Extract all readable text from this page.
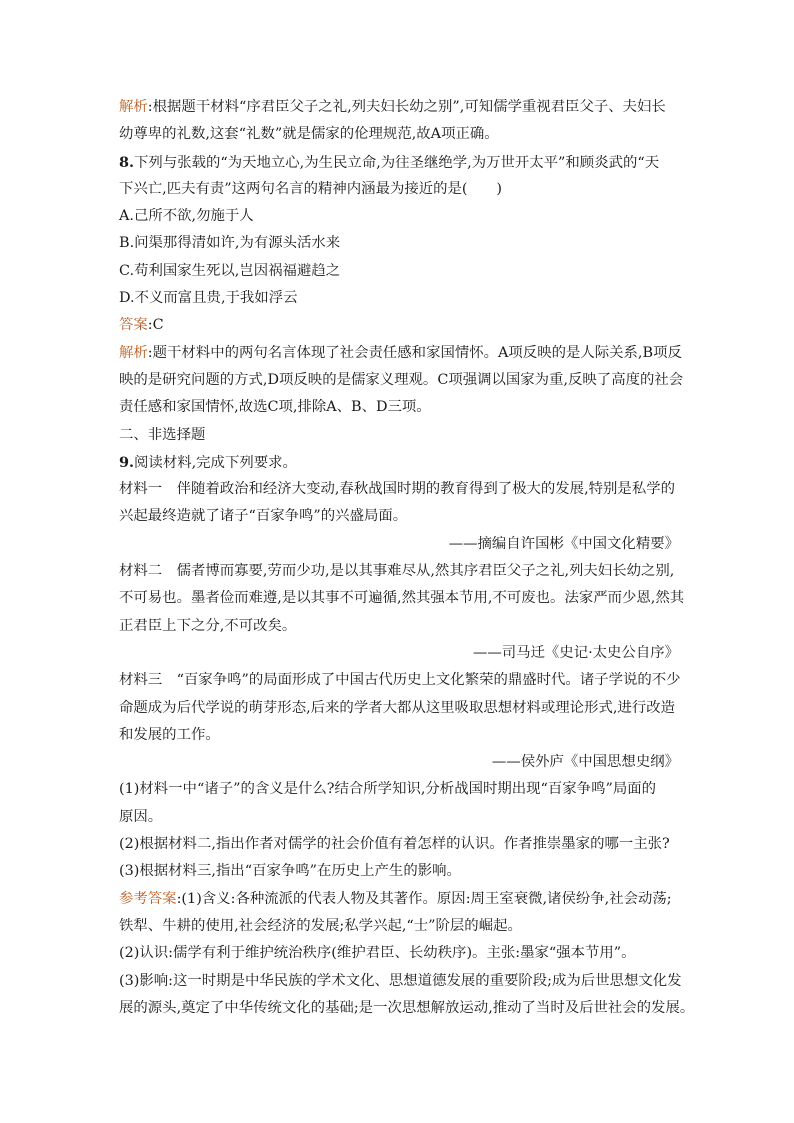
解析:根据题干材料“序君臣父子之礼,列夫妇长幼之别”,可知儒学重视君臣父子、夫妇长
幼尊卑的礼数,这套“礼数”就是儒家的伦理规范,故A项正确。
8.下列与张载的“为天地立心,为生民立命,为往圣继绝学,为万世开太平”和顾炎武的“天
下兴亡,匹夫有责”这两句名言的精神内涵最为接近的是(　　)
A.己所不欲,勿施于人
B.问渠那得清如许,为有源头活水来
C.苟利国家生死以,岂因祸福避趋之
D.不义而富且贵,于我如浮云
答案:C
解析:题干材料中的两句名言体现了社会责任感和家国情怀。A项反映的是人际关系,B项反
映的是研究问题的方式,D项反映的是儒家义理观。C项强调以国家为重,反映了高度的社会
责任感和家国情怀,故选C项,排除A、B、D三项。
二、非选择题
9.阅读材料,完成下列要求。
材料一　伴随着政治和经济大变动,春秋战国时期的教育得到了极大的发展,特别是私学的
兴起最终造就了诸子“百家争鸣”的兴盛局面。
——摘编自许国彬《中国文化精要》
材料二　儒者博而寡要,劳而少功,是以其事难尽从,然其序君臣父子之礼,列夫妇长幼之别,
不可易也。墨者俭而难遵,是以其事不可遍循,然其强本节用,不可废也。法家严而少恩,然其
正君臣上下之分,不可改矣。
——司马迁《史记·太史公自序》
材料三　“百家争鸣”的局面形成了中国古代历史上文化繁荣的鼎盛时代。诸子学说的不少
命题成为后代学说的萌芽形态,后来的学者大都从这里吸取思想材料或理论形式,进行改造
和发展的工作。
——侯外庐《中国思想史纲》
(1)材料一中“诸子”的含义是什么?结合所学知识,分析战国时期出现“百家争鸣”局面的
原因。
(2)根据材料二,指出作者对儒学的社会价值有着怎样的认识。作者推崇墨家的哪一主张?
(3)根据材料三,指出“百家争鸣”在历史上产生的影响。
参考答案:(1)含义:各种流派的代表人物及其著作。原因:周王室衰微,诸侯纷争,社会动荡;
铁犁、牛耕的使用,社会经济的发展;私学兴起,“士”阶层的崛起。
(2)认识:儒学有利于维护统治秩序(维护君臣、长幼秩序)。主张:墨家“强本节用”。
(3)影响:这一时期是中华民族的学术文化、思想道德发展的重要阶段;成为后世思想文化发
展的源头,奠定了中华传统文化的基础;是一次思想解放运动,推动了当时及后世社会的发展。
